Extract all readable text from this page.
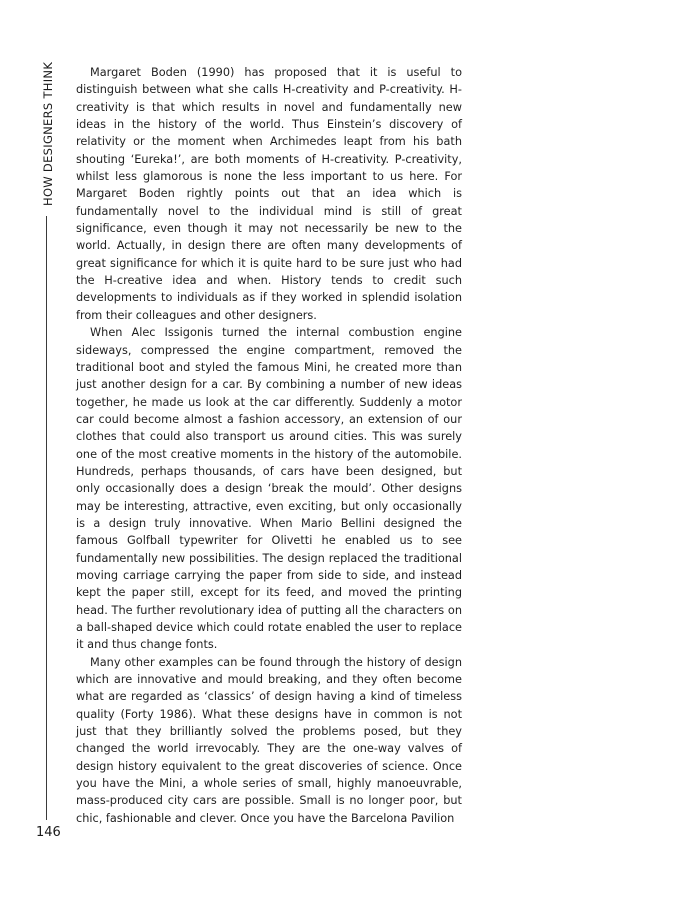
HOW DESIGNERS THINK
146

Margaret Boden (1990) has proposed that it is useful to distinguish between what she calls H-creativity and P-creativity. H-creativity is that which results in novel and fundamentally new ideas in the history of the world. Thus Einstein’s discovery of relativity or the moment when Archimedes leapt from his bath shouting ‘Eureka!’, are both moments of H-creativity. P-creativity, whilst less glamorous is none the less important to us here. For Margaret Boden rightly points out that an idea which is fundamentally novel to the individual mind is still of great significance, even though it may not necessarily be new to the world. Actually, in design there are often many developments of great significance for which it is quite hard to be sure just who had the H-creative idea and when. History tends to credit such developments to individuals as if they worked in splendid isolation from their colleagues and other designers.

When Alec Issigonis turned the internal combustion engine sideways, compressed the engine compartment, removed the traditional boot and styled the famous Mini, he created more than just another design for a car. By combining a number of new ideas together, he made us look at the car differently. Suddenly a motor car could become almost a fashion accessory, an extension of our clothes that could also transport us around cities. This was surely one of the most creative moments in the history of the automobile. Hundreds, perhaps thousands, of cars have been designed, but only occasionally does a design ‘break the mould’. Other designs may be interesting, attractive, even exciting, but only occasionally is a design truly innovative. When Mario Bellini designed the famous Golfball typewriter for Olivetti he enabled us to see fundamentally new possibilities. The design replaced the traditional moving carriage carrying the paper from side to side, and instead kept the paper still, except for its feed, and moved the printing head. The further revolutionary idea of putting all the characters on a ball-shaped device which could rotate enabled the user to replace it and thus change fonts.

Many other examples can be found through the history of design which are innovative and mould breaking, and they often become what are regarded as ‘classics’ of design having a kind of timeless quality (Forty 1986). What these designs have in common is not just that they brilliantly solved the problems posed, but they changed the world irrevocably. They are the one-way valves of design history equivalent to the great discoveries of science. Once you have the Mini, a whole series of small, highly manoeuvrable, mass-produced city cars are possible. Small is no longer poor, but chic, fashionable and clever. Once you have the Barcelona Pavilion
